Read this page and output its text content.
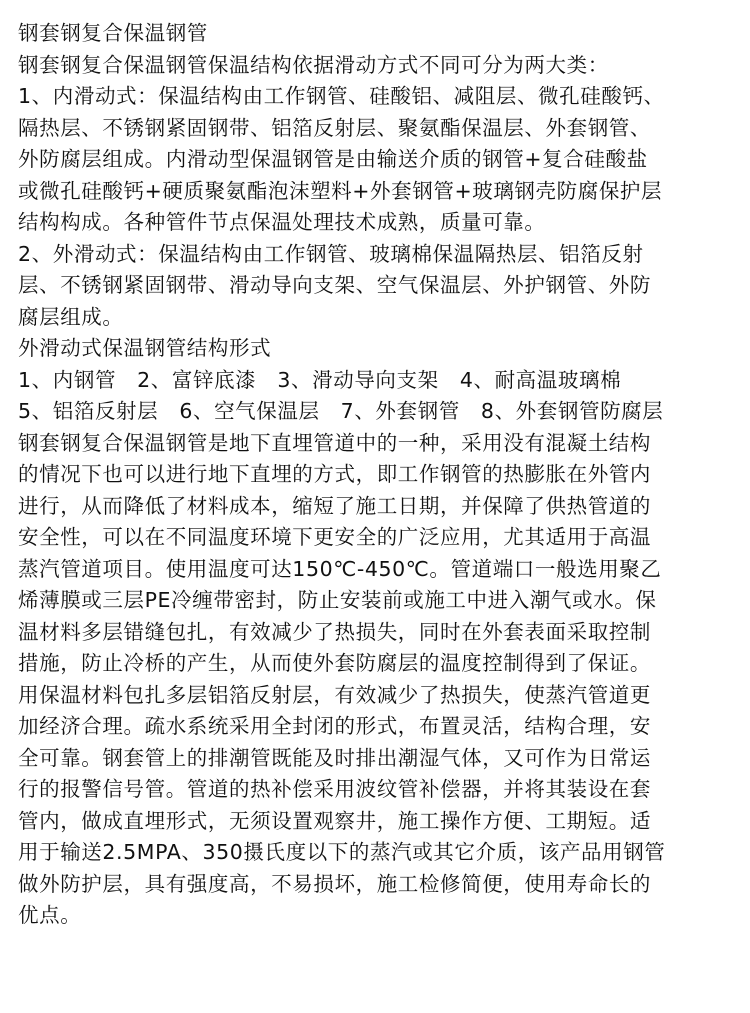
钢套钢复合保温钢管
钢套钢复合保温钢管保温结构依据滑动方式不同可分为两大类：
1、内滑动式：保温结构由工作钢管、硅酸铝、减阻层、微孔硅酸钙、
隔热层、不锈钢紧固钢带、铝箔反射层、聚氨酯保温层、外套钢管、
外防腐层组成。内滑动型保温钢管是由输送介质的钢管+复合硅酸盐
或微孔硅酸钙+硬质聚氨酯泡沫塑料+外套钢管+玻璃钢壳防腐保护层
结构构成。各种管件节点保温处理技术成熟，质量可靠。
2、外滑动式：保温结构由工作钢管、玻璃棉保温隔热层、铝箔反射
层、不锈钢紧固钢带、滑动导向支架、空气保温层、外护钢管、外防
腐层组成。
外滑动式保温钢管结构形式
1、内钢管　2、富锌底漆　3、滑动导向支架　4、耐高温玻璃棉
5、铝箔反射层　6、空气保温层　7、外套钢管　8、外套钢管防腐层
钢套钢复合保温钢管是地下直埋管道中的一种，采用没有混凝土结构
的情况下也可以进行地下直埋的方式，即工作钢管的热膨胀在外管内
进行，从而降低了材料成本，缩短了施工日期，并保障了供热管道的
安全性，可以在不同温度环境下更安全的广泛应用，尤其适用于高温
蒸汽管道项目。使用温度可达150℃-450℃。管道端口一般选用聚乙
烯薄膜或三层PE冷缠带密封，防止安装前或施工中进入潮气或水。保
温材料多层错缝包扎，有效减少了热损失，同时在外套表面采取控制
措施，防止冷桥的产生，从而使外套防腐层的温度控制得到了保证。
用保温材料包扎多层铝箔反射层，有效减少了热损失，使蒸汽管道更
加经济合理。疏水系统采用全封闭的形式，布置灵活，结构合理，安
全可靠。钢套管上的排潮管既能及时排出潮湿气体，又可作为日常运
行的报警信号管。管道的热补偿采用波纹管补偿器，并将其装设在套
管内，做成直埋形式，无须设置观察井，施工操作方便、工期短。适
用于输送2.5MPA、350摄氏度以下的蒸汽或其它介质，该产品用钢管
做外防护层，具有强度高，不易损坏，施工检修简便，使用寿命长的
优点。
